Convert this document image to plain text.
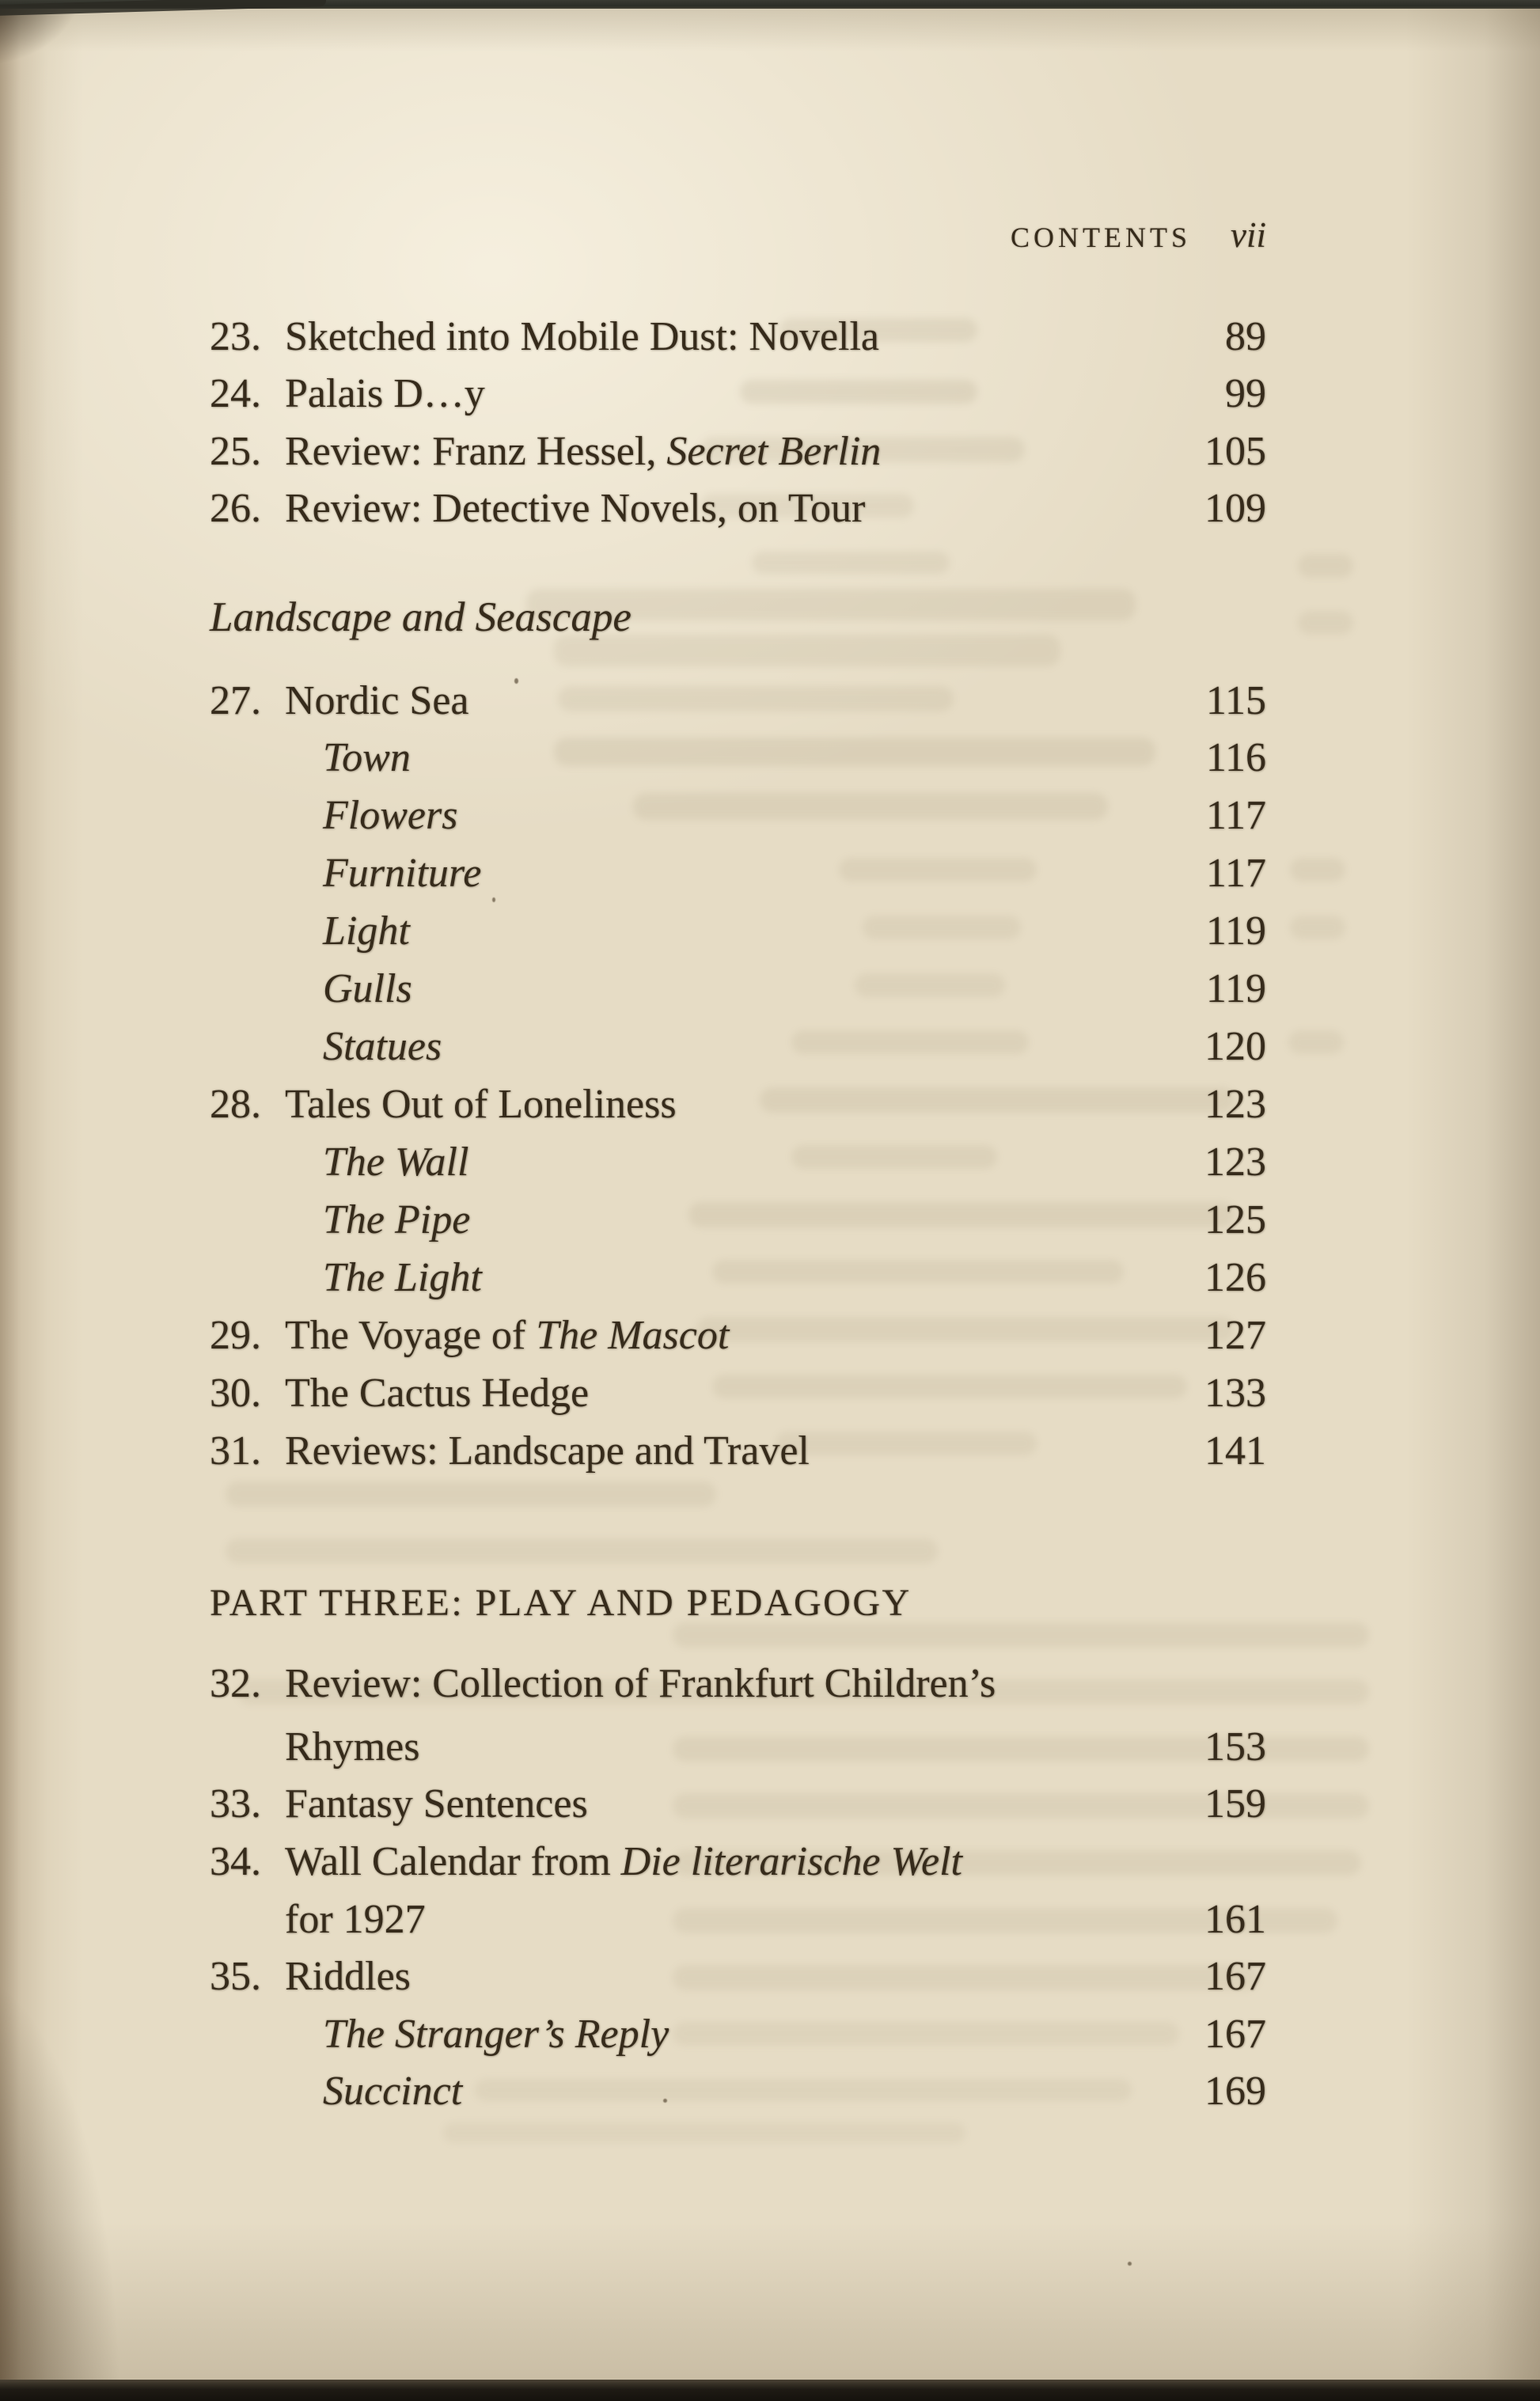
CONTENTS vii
23. Sketched into Mobile Dust: Novella	89
24. Palais D…y	99
25. Review: Franz Hessel, Secret Berlin	105
26. Review: Detective Novels, on Tour	109
Landscape and Seascape
27. Nordic Sea	115
Town	116
Flowers	117
Furniture	117
Light	119
Gulls	119
Statues	120
28. Tales Out of Loneliness	123
The Wall	123
The Pipe	125
The Light	126
29. The Voyage of The Mascot	127
30. The Cactus Hedge	133
31. Reviews: Landscape and Travel	141
PART THREE: PLAY AND PEDAGOGY
32. Review: Collection of Frankfurt Children’s
Rhymes	153
33. Fantasy Sentences	159
34. Wall Calendar from Die literarische Welt
for 1927	161
35. Riddles	167
The Stranger’s Reply	167
Succinct	169
